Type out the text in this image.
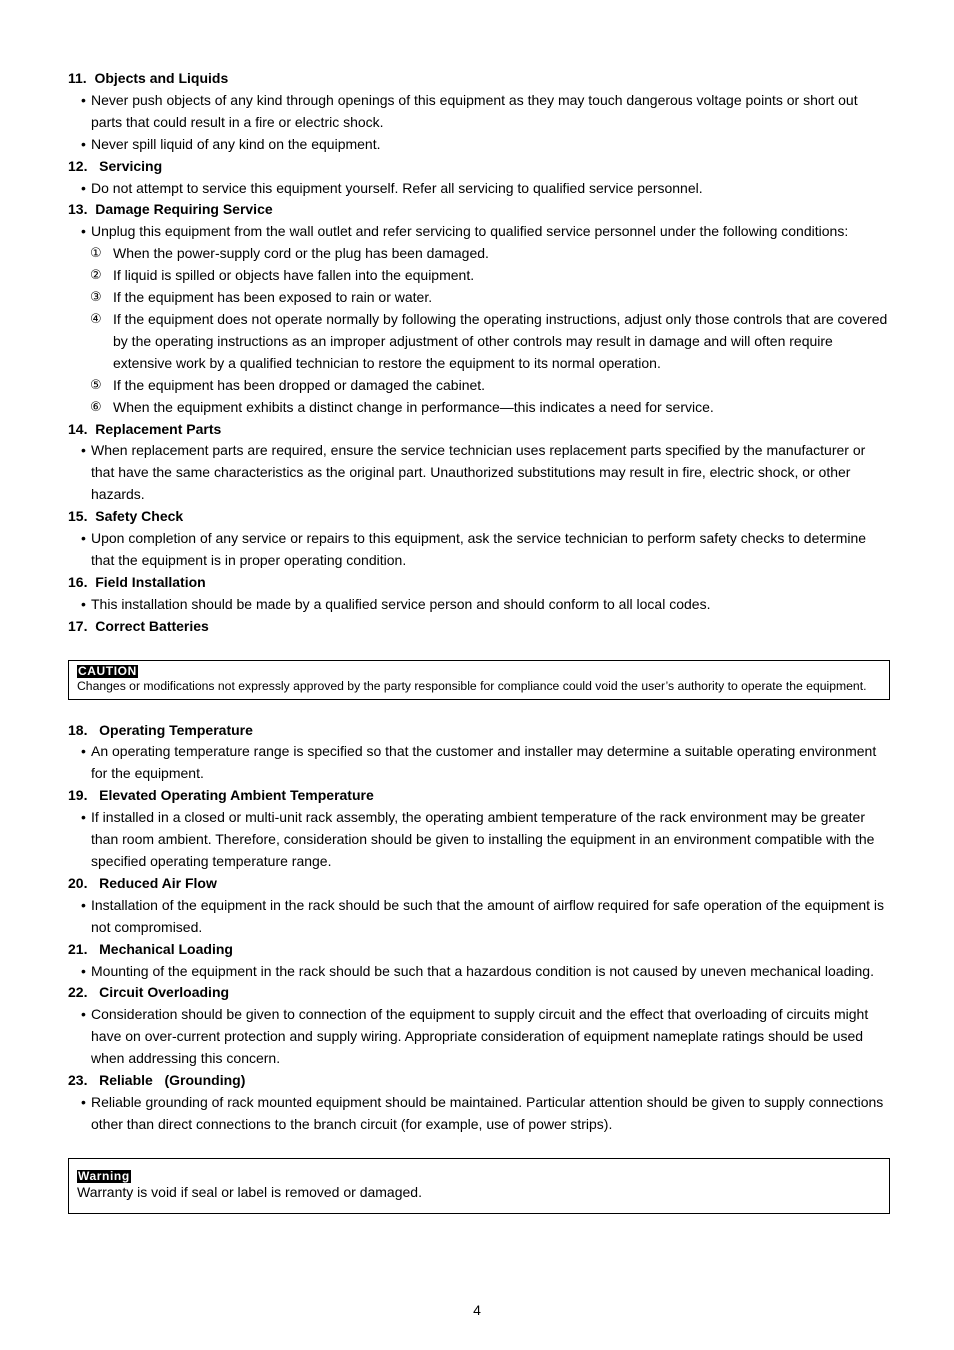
11.  Objects and Liquids
• Never push objects of any kind through openings of this equipment as they may touch dangerous voltage points or short out parts that could result in a fire or electric shock.
• Never spill liquid of any kind on the equipment.
12.   Servicing
• Do not attempt to service this equipment yourself. Refer all servicing to qualified service personnel.
13.  Damage Requiring Service
• Unplug this equipment from the wall outlet and refer servicing to qualified service personnel under the following conditions:
① When the power-supply cord or the plug has been damaged.
② If liquid is spilled or objects have fallen into the equipment.
③ If the equipment has been exposed to rain or water.
④ If the equipment does not operate normally by following the operating instructions, adjust only those controls that are covered by the operating instructions as an improper adjustment of other controls may result in damage and will often require extensive work by a qualified technician to restore the equipment to its normal operation.
⑤ If the equipment has been dropped or damaged the cabinet.
⑥ When the equipment exhibits a distinct change in performance—this indicates a need for service.
14.  Replacement Parts
• When replacement parts are required, ensure the service technician uses replacement parts specified by the manufacturer or that have the same characteristics as the original part. Unauthorized substitutions may result in fire, electric shock, or other hazards.
15.  Safety Check
• Upon completion of any service or repairs to this equipment, ask the service technician to perform safety checks to determine that the equipment is in proper operating condition.
16.  Field Installation
• This installation should be made by a qualified service person and should conform to all local codes.
17.  Correct Batteries
CAUTION
Changes or modifications not expressly approved by the party responsible for compliance could void the user’s authority to operate the equipment.
18.   Operating Temperature
• An operating temperature range is specified so that the customer and installer may determine a suitable operating environment for the equipment.
19.   Elevated Operating Ambient Temperature
• If installed in a closed or multi-unit rack assembly, the operating ambient temperature of the rack environment may be greater than room ambient. Therefore, consideration should be given to installing the equipment in an environment compatible with the specified operating temperature range.
20.   Reduced Air Flow
• Installation of the equipment in the rack should be such that the amount of airflow required for safe operation of the equipment is not compromised.
21.   Mechanical Loading
• Mounting of the equipment in the rack should be such that a hazardous condition is not caused by uneven mechanical loading.
22.   Circuit Overloading
• Consideration should be given to connection of the equipment to supply circuit and the effect that overloading of circuits might have on over-current protection and supply wiring. Appropriate consideration of equipment nameplate ratings should be used when addressing this concern.
23.   Reliable   (Grounding)
• Reliable grounding of rack mounted equipment should be maintained. Particular attention should be given to supply connections other than direct connections to the branch circuit (for example, use of power strips).
Warning
Warranty is void if seal or label is removed or damaged.
4
